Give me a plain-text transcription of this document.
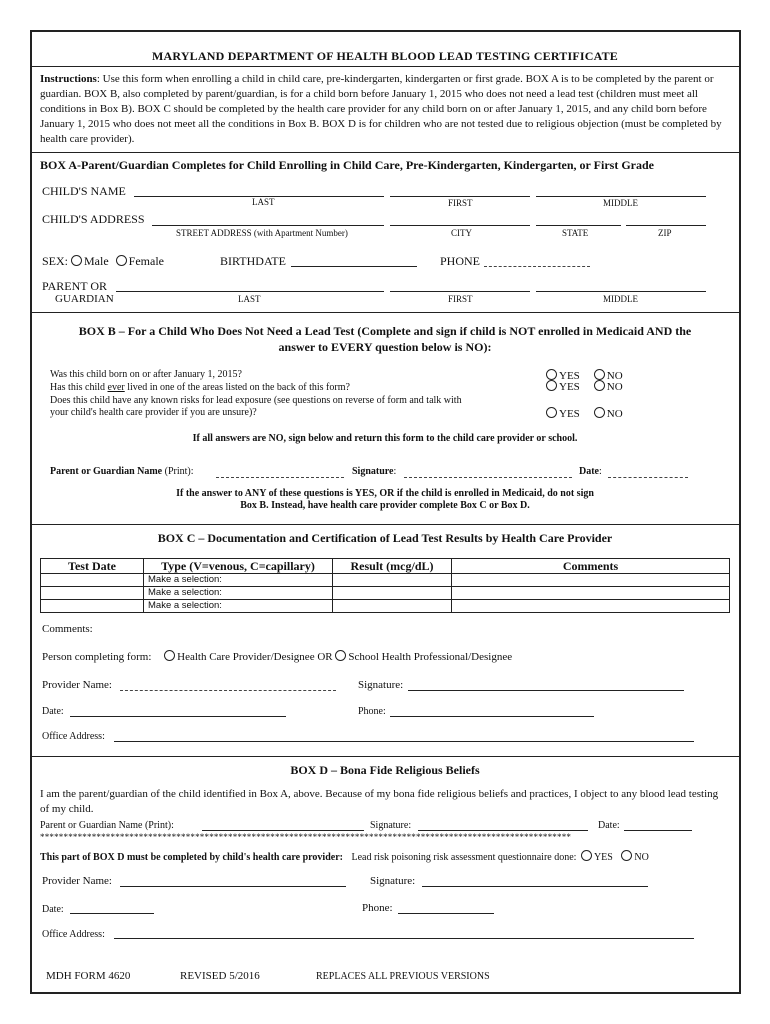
MARYLAND DEPARTMENT OF HEALTH BLOOD LEAD TESTING CERTIFICATE
Instructions: Use this form when enrolling a child in child care, pre-kindergarten, kindergarten or first grade. BOX A is to be completed by the parent or guardian. BOX B, also completed by parent/guardian, is for a child born before January 1, 2015 who does not need a lead test (children must meet all conditions in Box B). BOX C should be completed by the health care provider for any child born on or after January 1, 2015, and any child born before January 1, 2015 who does not meet all the conditions in Box B. BOX D is for children who are not tested due to religious objection (must be completed by health care provider).
BOX A-Parent/Guardian Completes for Child Enrolling in Child Care, Pre-Kindergarten, Kindergarten, or First Grade
CHILD'S NAME
LAST	FIRST	MIDDLE
CHILD'S ADDRESS
STREET ADDRESS (with Apartment Number)	CITY	STATE	ZIP
SEX: Male Female	BIRTHDATE	PHONE
PARENT OR
GUARDIAN	LAST	FIRST	MIDDLE
BOX B – For a Child Who Does Not Need a Lead Test (Complete and sign if child is NOT enrolled in Medicaid AND the
answer to EVERY question below is NO):
Was this child born on or after January 1, 2015?
Has this child ever lived in one of the areas listed on the back of this form?
Does this child have any known risks for lead exposure (see questions on reverse of form and talk with
your child's health care provider if you are unsure)?
YES NO
YES NO
YES NO
If all answers are NO, sign below and return this form to the child care provider or school.
Parent or Guardian Name (Print):	Signature:	Date:
If the answer to ANY of these questions is YES, OR if the child is enrolled in Medicaid, do not sign
Box B. Instead, have health care provider complete Box C or Box D.
BOX C – Documentation and Certification of Lead Test Results by Health Care Provider
Test Date	Type (V=venous, C=capillary)	Result (mcg/dL)	Comments
	Make a selection:		
	Make a selection:		
	Make a selection:		
Comments:
Person completing form: Health Care Provider/Designee OR School Health Professional/Designee
Provider Name:	Signature:
Date:	Phone:
Office Address:
BOX D – Bona Fide Religious Beliefs
I am the parent/guardian of the child identified in Box A, above. Because of my bona fide religious beliefs and practices, I object to any blood lead testing of my child.
Parent or Guardian Name (Print):	Signature:	Date:
*****************************************************************************************************************
This part of BOX D must be completed by child's health care provider: Lead risk poisoning risk assessment questionnaire done: YES NO
Provider Name:	Signature:
Date:	Phone:
Office Address:
MDH FORM 4620	REVISED 5/2016	REPLACES ALL PREVIOUS VERSIONS
